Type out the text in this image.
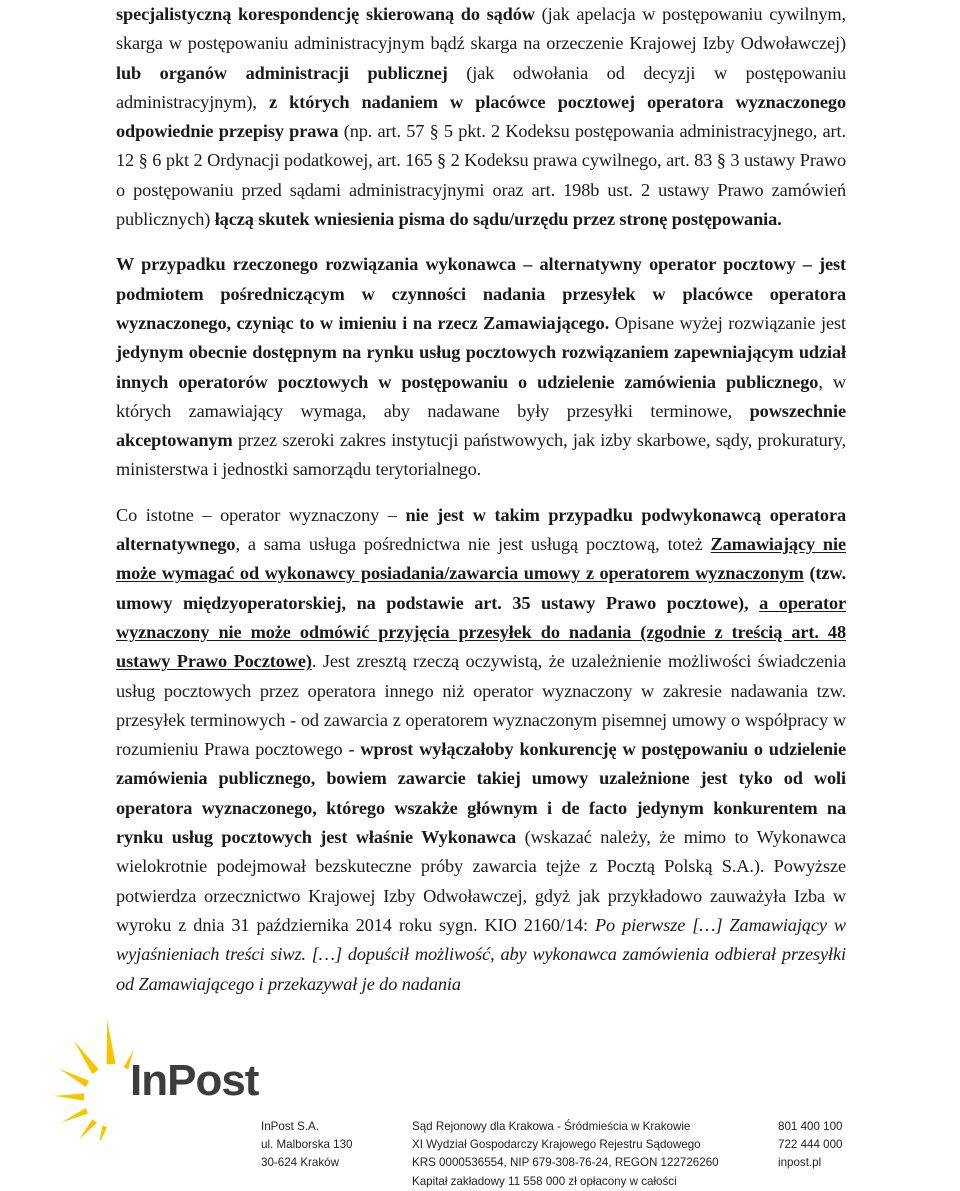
specjalistyczną korespondencję skierowaną do sądów (jak apelacja w postępowaniu cywilnym, skarga w postępowaniu administracyjnym bądź skarga na orzeczenie Krajowej Izby Odwoławczej) lub organów administracji publicznej (jak odwołania od decyzji w postępowaniu administracyjnym), z których nadaniem w placówce pocztowej operatora wyznaczonego odpowiednie przepisy prawa (np. art. 57 § 5 pkt. 2 Kodeksu postępowania administracyjnego, art. 12 § 6 pkt 2 Ordynacji podatkowej, art. 165 § 2 Kodeksu prawa cywilnego, art. 83 § 3 ustawy Prawo o postępowaniu przed sądami administracyjnymi oraz art. 198b ust. 2 ustawy Prawo zamówień publicznych) łączą skutek wniesienia pisma do sądu/urzędu przez stronę postępowania.

W przypadku rzeczonego rozwiązania wykonawca – alternatywny operator pocztowy – jest podmiotem pośredniczącym w czynności nadania przesyłek w placówce operatora wyznaczonego, czyniąc to w imieniu i na rzecz Zamawiającego. Opisane wyżej rozwiązanie jest jedynym obecnie dostępnym na rynku usług pocztowych rozwiązaniem zapewniającym udział innych operatorów pocztowych w postępowaniu o udzielenie zamówienia publicznego, w których zamawiający wymaga, aby nadawane były przesyłki terminowe, powszechnie akceptowanym przez szeroki zakres instytucji państwowych, jak izby skarbowe, sądy, prokuratury, ministerstwa i jednostki samorządu terytorialnego.

Co istotne – operator wyznaczony – nie jest w takim przypadku podwykonawcą operatora alternatywnego, a sama usługa pośrednictwa nie jest usługą pocztową, toteż Zamawiający nie może wymagać od wykonawcy posiadania/zawarcia umowy z operatorem wyznaczonym (tzw. umowy międzyoperatorskiej, na podstawie art. 35 ustawy Prawo pocztowe), a operator wyznaczony nie może odmówić przyjęcia przesyłek do nadania (zgodnie z treścią art. 48 ustawy Prawo Pocztowe). Jest zresztą rzeczą oczywistą, że uzależnienie możliwości świadczenia usług pocztowych przez operatora innego niż operator wyznaczony w zakresie nadawania tzw. przesyłek terminowych - od zawarcia z operatorem wyznaczonym pisemnej umowy o współpracy w rozumieniu Prawa pocztowego - wprost wyłączałoby konkurencję w postępowaniu o udzielenie zamówienia publicznego, bowiem zawarcie takiej umowy uzależnione jest tyko od woli operatora wyznaczonego, którego wszakże głównym i de facto jedynym konkurentem na rynku usług pocztowych jest właśnie Wykonawca (wskazać należy, że mimo to Wykonawca wielokrotnie podejmował bezskuteczne próby zawarcia tejże z Pocztą Polską S.A.). Powyższe potwierdza orzecznictwo Krajowej Izby Odwoławczej, gdyż jak przykładowo zauważyła Izba w wyroku z dnia 31 października 2014 roku sygn. KIO 2160/14: Po pierwsze […] Zamawiający w wyjaśnieniach treści siwz. […] dopuścił możliwość, aby wykonawca zamówienia odbierał przesyłki od Zamawiającego i przekazywał je do nadania

InPost
InPost S.A.
ul. Malborska 130
30-624 Kraków
Sąd Rejonowy dla Krakowa - Śródmieścia w Krakowie
XI Wydział Gospodarczy Krajowego Rejestru Sądowego
KRS 0000536554, NIP 679-308-76-24, REGON 122726260
Kapitał zakładowy 11 558 000 zł opłacony w całości
801 400 100
722 444 000
inpost.pl
